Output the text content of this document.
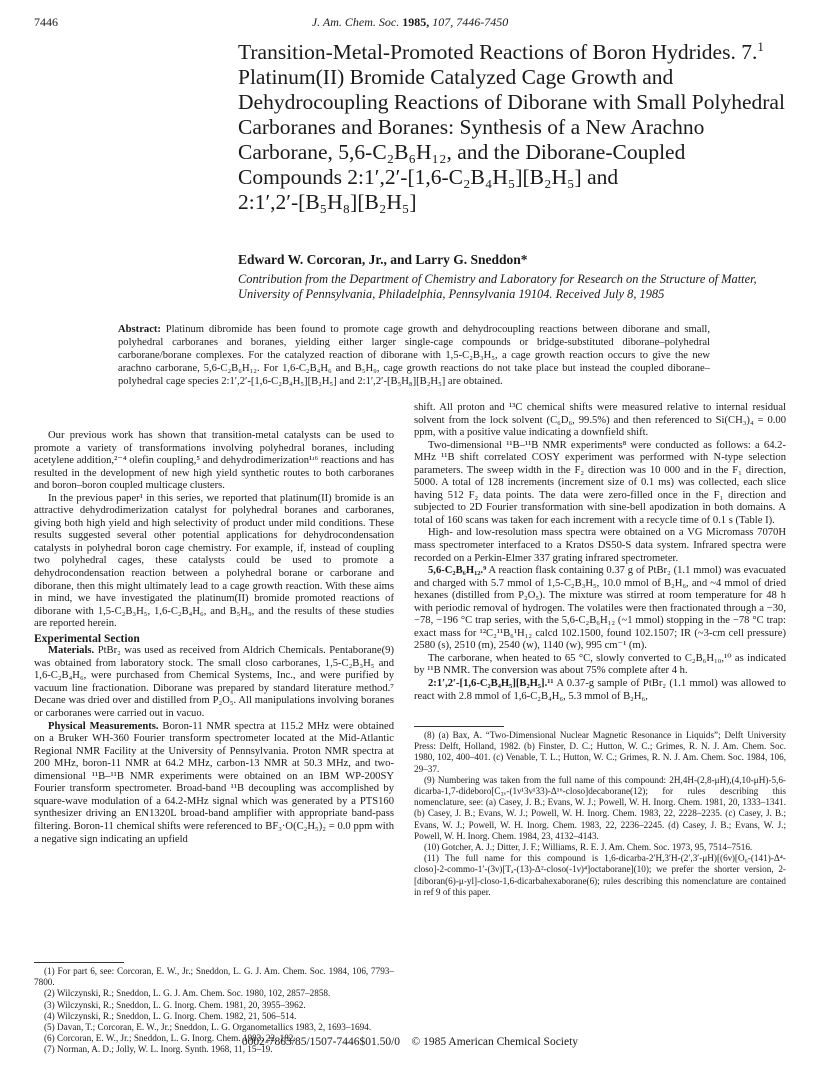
7446	J. Am. Chem. Soc. 1985, 107, 7446-7450
Transition-Metal-Promoted Reactions of Boron Hydrides. 7.$^1$
Platinum(II) Bromide Catalyzed Cage Growth and
Dehydrocoupling Reactions of Diborane with Small Polyhedral
Carboranes and Boranes: Synthesis of a New Arachno
Carborane, 5,6-C₂B₆H₁₂, and the Diborane-Coupled
Compounds 2:1′,2′-[1,6-C₂B₄H₅][B₂H₅] and
2:1′,2′-[B₅H₈][B₂H₅]
Edward W. Corcoran, Jr., and Larry G. Sneddon*
Contribution from the Department of Chemistry and Laboratory for Research on the Structure of Matter, University of Pennsylvania, Philadelphia, Pennsylvania 19104. Received July 8, 1985
Abstract: Platinum dibromide has been found to promote cage growth and dehydrocoupling reactions between diborane and small, polyhedral carboranes and boranes, yielding either larger single-cage compounds or bridge-substituted diborane–polyhedral carborane/borane complexes. For the catalyzed reaction of diborane with 1,5-C₂B₃H₅, a cage growth reaction occurs to give the new arachno carborane, 5,6-C₂B₆H₁₂. For 1,6-C₂B₄H₆ and B₅H₉, cage growth reactions do not take place but instead the coupled diborane–polyhedral cage species 2:1′,2′-[1,6-C₂B₄H₅][B₂H₅] and 2:1′,2′-[B₅H₈][B₂H₅] are obtained.

Our previous work has shown that transition-metal catalysts can be used to promote a variety of transformations involving polyhedral boranes, including acetylene addition,²⁻⁴ olefin coupling,⁵ and dehydrodimerization¹ʴ⁶ reactions and has resulted in the development of new high yield synthetic routes to both carboranes and boron–boron coupled multicage clusters.

In the previous paper¹ in this series, we reported that platinum(II) bromide is an attractive dehydrodimerization catalyst for polyhedral boranes and carboranes, giving both high yield and high selectivity of product under mild conditions. These results suggested several other potential applications for dehydrocondensation catalysts in polyhedral boron cage chemistry. For example, if, instead of coupling two polyhedral cages, these catalysts could be used to promote a dehydrocondensation reaction between a polyhedral borane or carborane and diborane, then this might ultimately lead to a cage growth reaction. With these aims in mind, we have investigated the platinum(II) bromide promoted reactions of diborane with 1,5-C₂B₃H₅, 1,6-C₂B₄H₆, and B₅H₉, and the results of these studies are reported herein.

Experimental Section

Materials. PtBr₂ was used as received from Aldrich Chemicals. Pentaborane(9) was obtained from laboratory stock. The small closo carboranes, 1,5-C₂B₃H₅ and 1,6-C₂B₄H₆, were purchased from Chemical Systems, Inc., and were purified by vacuum line fractionation. Diborane was prepared by standard literature method.⁷ Decane was dried over and distilled from P₂O₅. All manipulations involving boranes or carboranes were carried out in vacuo.

Physical Measurements. Boron-11 NMR spectra at 115.2 MHz were obtained on a Bruker WH-360 Fourier transform spectrometer located at the Mid-Atlantic Regional NMR Facility at the University of Pennsylvania. Proton NMR spectra at 200 MHz, boron-11 NMR at 64.2 MHz, carbon-13 NMR at 50.3 MHz, and two-dimensional ¹¹B–¹¹B NMR experiments were obtained on an IBM WP-200SY Fourier transform spectrometer. Broad-band ¹¹B decoupling was accomplished by square-wave modulation of a 64.2-MHz signal which was generated by a PTS160 synthesizer driving an EN1320L broad-band amplifier with appropriate band-pass filtering. Boron-11 chemical shifts were referenced to BF₃·O(C₂H₅)₂ = 0.0 ppm with a negative sign indicating an upfield

(1) For part 6, see: Corcoran, E. W., Jr.; Sneddon, L. G. J. Am. Chem. Soc. 1984, 106, 7793–7800.

(2) Wilczynski, R.; Sneddon, L. G. J. Am. Chem. Soc. 1980, 102, 2857–2858.

(3) Wilczynski, R.; Sneddon, L. G. Inorg. Chem. 1981, 20, 3955–3962.

(4) Wilczynski, R.; Sneddon, L. G. Inorg. Chem. 1982, 21, 506–514.

(5) Davan, T.; Corcoran, E. W., Jr.; Sneddon, L. G. Organometallics 1983, 2, 1693–1694.

(6) Corcoran, E. W., Jr.; Sneddon, L. G. Inorg. Chem. 1983, 22, 182.

(7) Norman, A. D.; Jolly, W. L. Inorg. Synth. 1968, 11, 15–19.

shift. All proton and ¹³C chemical shifts were measured relative to internal residual solvent from the lock solvent (C₆D₆, 99.5%) and then referenced to Si(CH₃)₄ = 0.00 ppm, with a positive value indicating a downfield shift.

Two-dimensional ¹¹B–¹¹B NMR experiments⁸ were conducted as follows: a 64.2-MHz ¹¹B shift correlated COSY experiment was performed with N-type selection parameters. The sweep width in the F₂ direction was 10 000 and in the F₁ direction, 5000. A total of 128 increments (increment size of 0.1 ms) was collected, each slice having 512 F₂ data points. The data were zero-filled once in the F₁ direction and subjected to 2D Fourier transformation with sine-bell apodization in both domains. A total of 160 scans was taken for each increment with a recycle time of 0.1 s (Table I).

High- and low-resolution mass spectra were obtained on a VG Micromass 7070H mass spectrometer interfaced to a Kratos DS50-S data system. Infrared spectra were recorded on a Perkin-Elmer 337 grating infrared spectrometer.

5,6-C₂B₆H₁₂.⁹ A reaction flask containing 0.37 g of PtBr₂ (1.1 mmol) was evacuated and charged with 5.7 mmol of 1,5-C₂B₃H₅, 10.0 mmol of B₂H₆, and ~4 mmol of dried hexanes (distilled from P₂O₅). The mixture was stirred at room temperature for 48 h with periodic removal of hydrogen. The volatiles were then fractionated through a −30, −78, −196 °C trap series, with the 5,6-C₂B₆H₁₂ (~1 mmol) stopping in the −78 °C trap: exact mass for ¹²C₂¹¹B₆¹H₁₂ calcd 102.1500, found 102.1507; IR (~3-cm cell pressure) 2580 (s), 2510 (m), 2540 (w), 1140 (w), 995 cm⁻¹ (m).

The carborane, when heated to 65 °C, slowly converted to C₂B₆H₁₀,¹⁰ as indicated by ¹¹B NMR. The conversion was about 75% complete after 4 h.

2:1′,2′-[1,6-C₂B₄H₅][B₂H₅].¹¹ A 0.37-g sample of PtBr₂ (1.1 mmol) was allowed to react with 2.8 mmol of 1,6-C₂B₄H₆, 5.3 mmol of B₂H₆,

(8) (a) Bax, A. “Two-Dimensional Nuclear Magnetic Resonance in Liquids”; Delft University Press: Delft, Holland, 1982. (b) Finster, D. C.; Hutton, W. C.; Grimes, R. N. J. Am. Chem. Soc. 1980, 102, 400–401. (c) Venable, T. L.; Hutton, W. C.; Grimes, R. N. J. Am. Chem. Soc. 1984, 106, 29–37.

(9) Numbering was taken from the full name of this compound: 2H,4H-(2,8-μH),(4,10-μH)-5,6-dicarba-1,7-dideboro[C₃ᵥ-(1ν¹3ν¹33)-Δ¹⁶-closo]decaborane(12); for rules describing this nomenclature, see: (a) Casey, J. B.; Evans, W. J.; Powell, W. H. Inorg. Chem. 1981, 20, 1333–1341. (b) Casey, J. B.; Evans, W. J.; Powell, W. H. Inorg. Chem. 1983, 22, 2228–2235. (c) Casey, J. B.; Evans, W. J.; Powell, W. H. Inorg. Chem. 1983, 22, 2236–2245. (d) Casey, J. B.; Evans, W. J.; Powell, W. H. Inorg. Chem. 1984, 23, 4132–4143.

(10) Gotcher, A. J.; Ditter, J. F.; Williams, R. E. J. Am. Chem. Soc. 1973, 95, 7514–7516.

(11) The full name for this compound is 1,6-dicarba-2′H,3′H-(2′,3′-μH)[(6ν)[O₆-(141)-Δ⁴-closo]-2-commo-1′-(3ν)[Tₐ-(13)-Δ²-closo(-1ν)⁴]octaborane](10); we prefer the shorter version, 2-[diboran(6)-μ-yl]-closo-1,6-dicarbahexaborane(6); rules describing this nomenclature are contained in ref 9 of this paper.

0002-7863/85/1507-7446$01.50/0 © 1985 American Chemical Society
